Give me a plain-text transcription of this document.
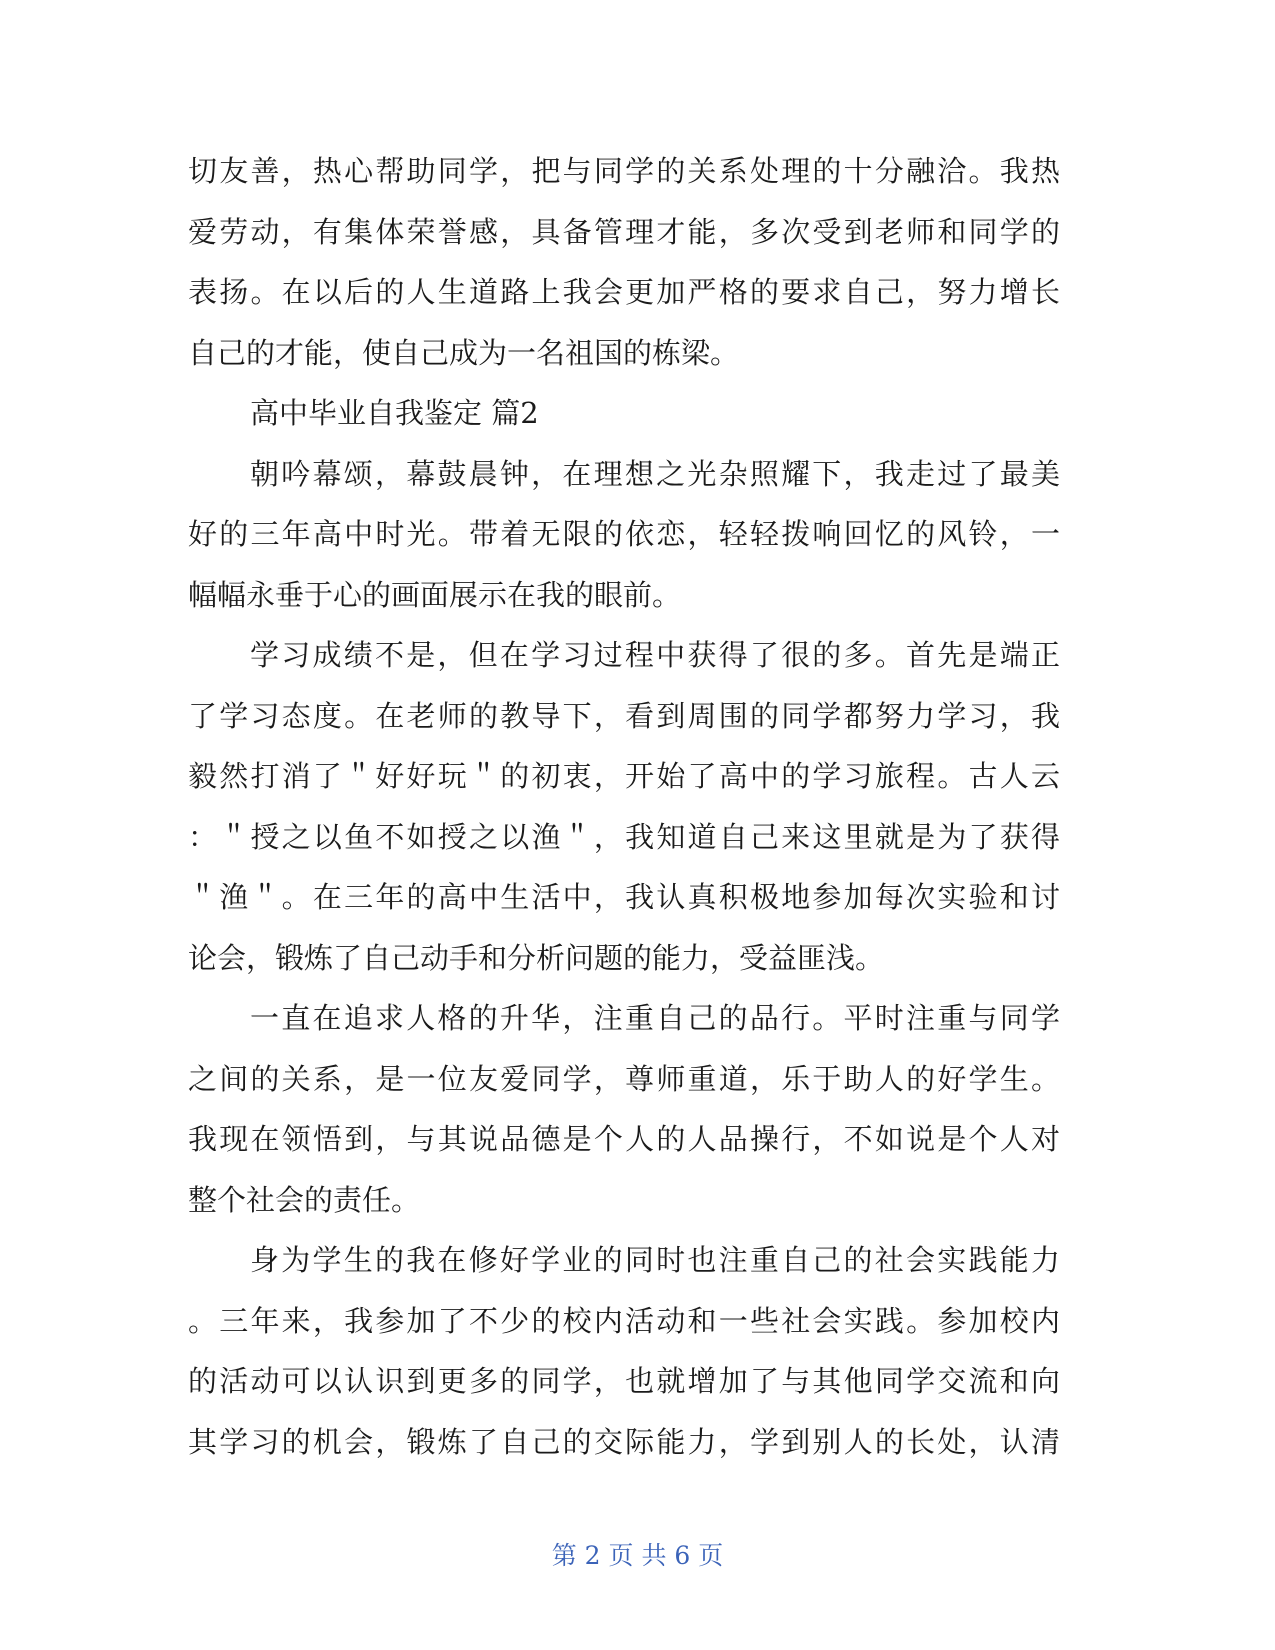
切友善，热心帮助同学，把与同学的关系处理的十分融洽。我热
爱劳动，有集体荣誉感，具备管理才能，多次受到老师和同学的
表扬。在以后的人生道路上我会更加严格的要求自己，努力增长
自己的才能，使自己成为一名祖国的栋梁。
高中毕业自我鉴定 篇2
朝吟幕颂，幕鼓晨钟，在理想之光杂照耀下，我走过了最美
好的三年高中时光。带着无限的依恋，轻轻拨响回忆的风铃，一
幅幅永垂于心的画面展示在我的眼前。
学习成绩不是，但在学习过程中获得了很的多。首先是端正
了学习态度。在老师的教导下，看到周围的同学都努力学习，我
毅然打消了＂好好玩＂的初衷，开始了高中的学习旅程。古人云
：＂授之以鱼不如授之以渔＂，我知道自己来这里就是为了获得
＂渔＂。在三年的高中生活中，我认真积极地参加每次实验和讨
论会，锻炼了自己动手和分析问题的能力，受益匪浅。
一直在追求人格的升华，注重自己的品行。平时注重与同学
之间的关系，是一位友爱同学，尊师重道，乐于助人的好学生。
我现在领悟到，与其说品德是个人的人品操行，不如说是个人对
整个社会的责任。
身为学生的我在修好学业的同时也注重自己的社会实践能力
。三年来，我参加了不少的校内活动和一些社会实践。参加校内
的活动可以认识到更多的同学，也就增加了与其他同学交流和向
其学习的机会，锻炼了自己的交际能力，学到别人的长处，认清
第 2 页 共 6 页
